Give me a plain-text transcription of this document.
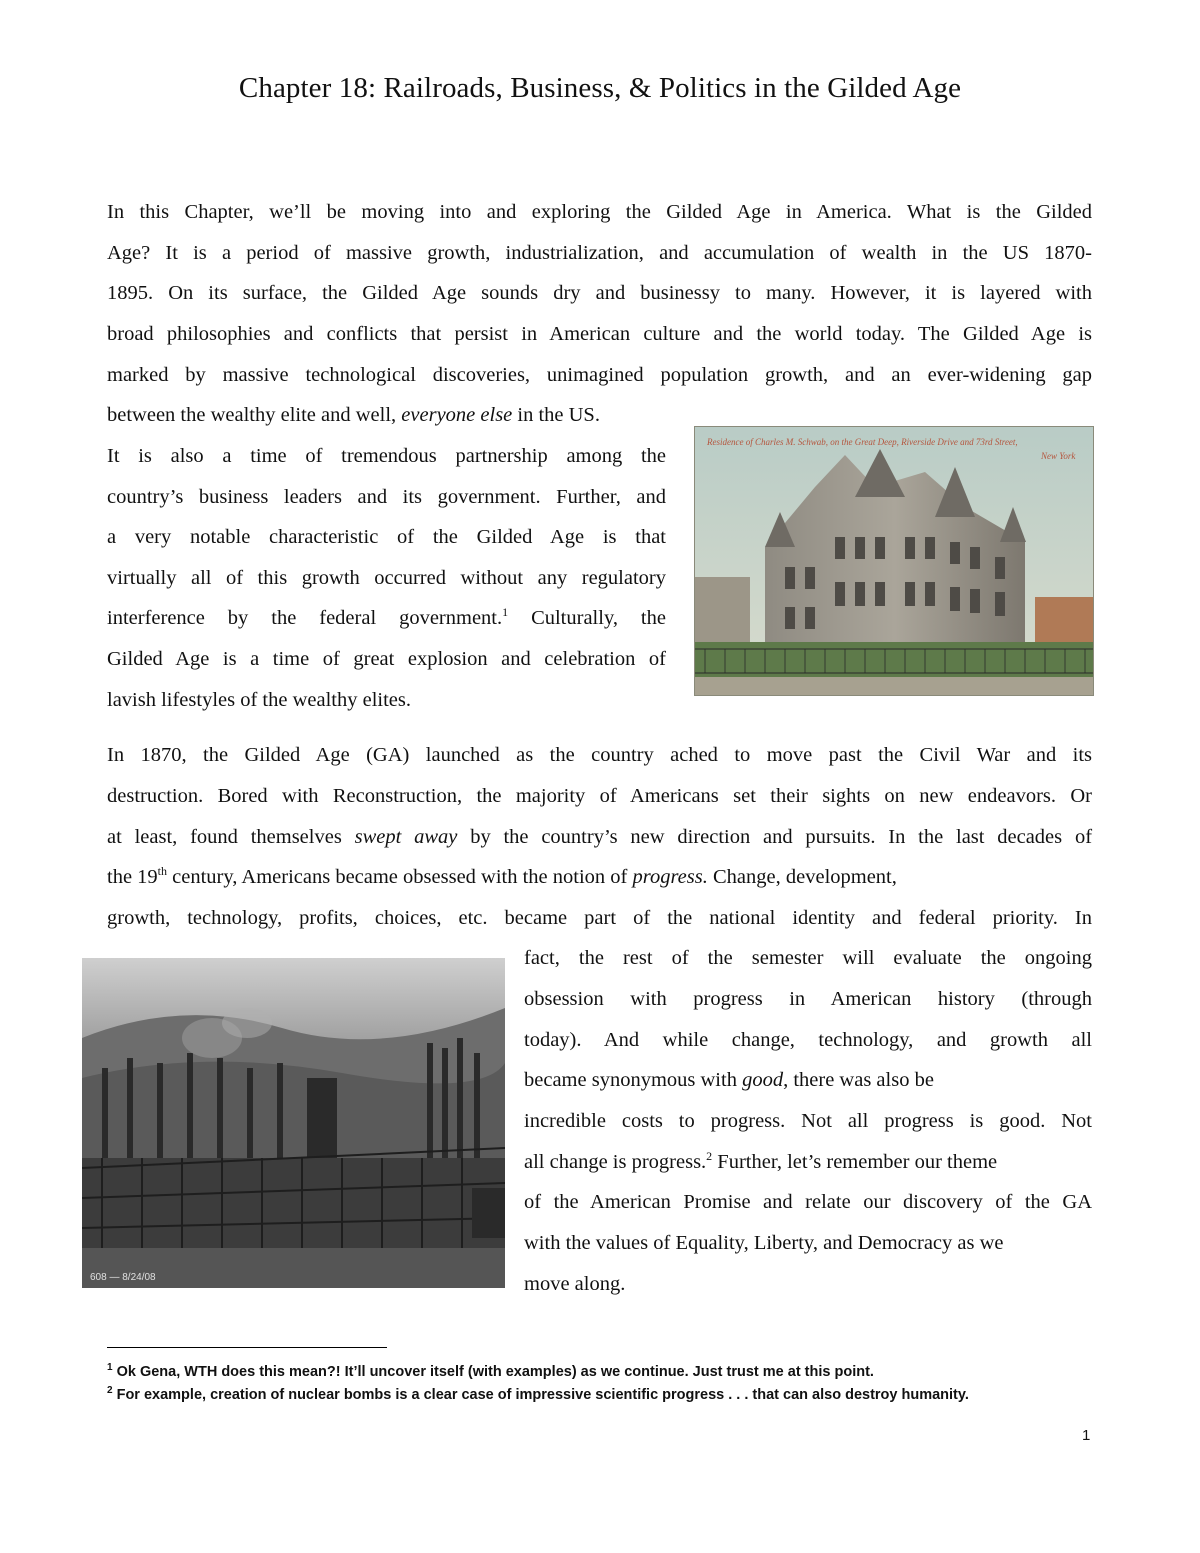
Chapter 18: Railroads, Business, & Politics in the Gilded Age
In this Chapter, we’ll be moving into and exploring the Gilded Age in America. What is the Gilded
Age? It is a period of massive growth, industrialization, and accumulation of wealth in the US 1870-
1895. On its surface, the Gilded Age sounds dry and businessy to many. However, it is layered with
broad philosophies and conflicts that persist in American culture and the world today. The Gilded Age is
marked by massive technological discoveries, unimagined population growth, and an ever-widening gap
between the wealthy elite and well, everyone else in the US.
It is also a time of tremendous partnership among the
country’s business leaders and its government. Further, and
a very notable characteristic of the Gilded Age is that
virtually all of this growth occurred without any regulatory
interference by the federal government.$^1$ Culturally, the
Gilded Age is a time of great explosion and celebration of
lavish lifestyles of the wealthy elites.
Residence of Charles M. Schwab, on the Great Deep, Riverside Drive and 73rd Street,
New York
In 1870, the Gilded Age (GA) launched as the country ached to move past the Civil War and its
destruction. Bored with Reconstruction, the majority of Americans set their sights on new endeavors. Or
at least, found themselves swept away by the country’s new direction and pursuits. In the last decades of
the 19th century, Americans became obsessed with the notion of progress. Change, development,
growth, technology, profits, choices, etc. became part of the national identity and federal priority. In
fact, the rest of the semester will evaluate the ongoing
obsession with progress in American history (through
today). And while change, technology, and growth all
became synonymous with good, there was also be
incredible costs to progress. Not all progress is good. Not
all change is progress.$^2$ Further, let’s remember our theme
of the American Promise and relate our discovery of the GA
with the values of Equality, Liberty, and Democracy as we
move along.
608 — 8/24/08
$^1$ Ok Gena, WTH does this mean?! It’ll uncover itself (with examples) as we continue. Just trust me at this point.
$^2$ For example, creation of nuclear bombs is a clear case of impressive scientific progress . . . that can also destroy humanity.
1
